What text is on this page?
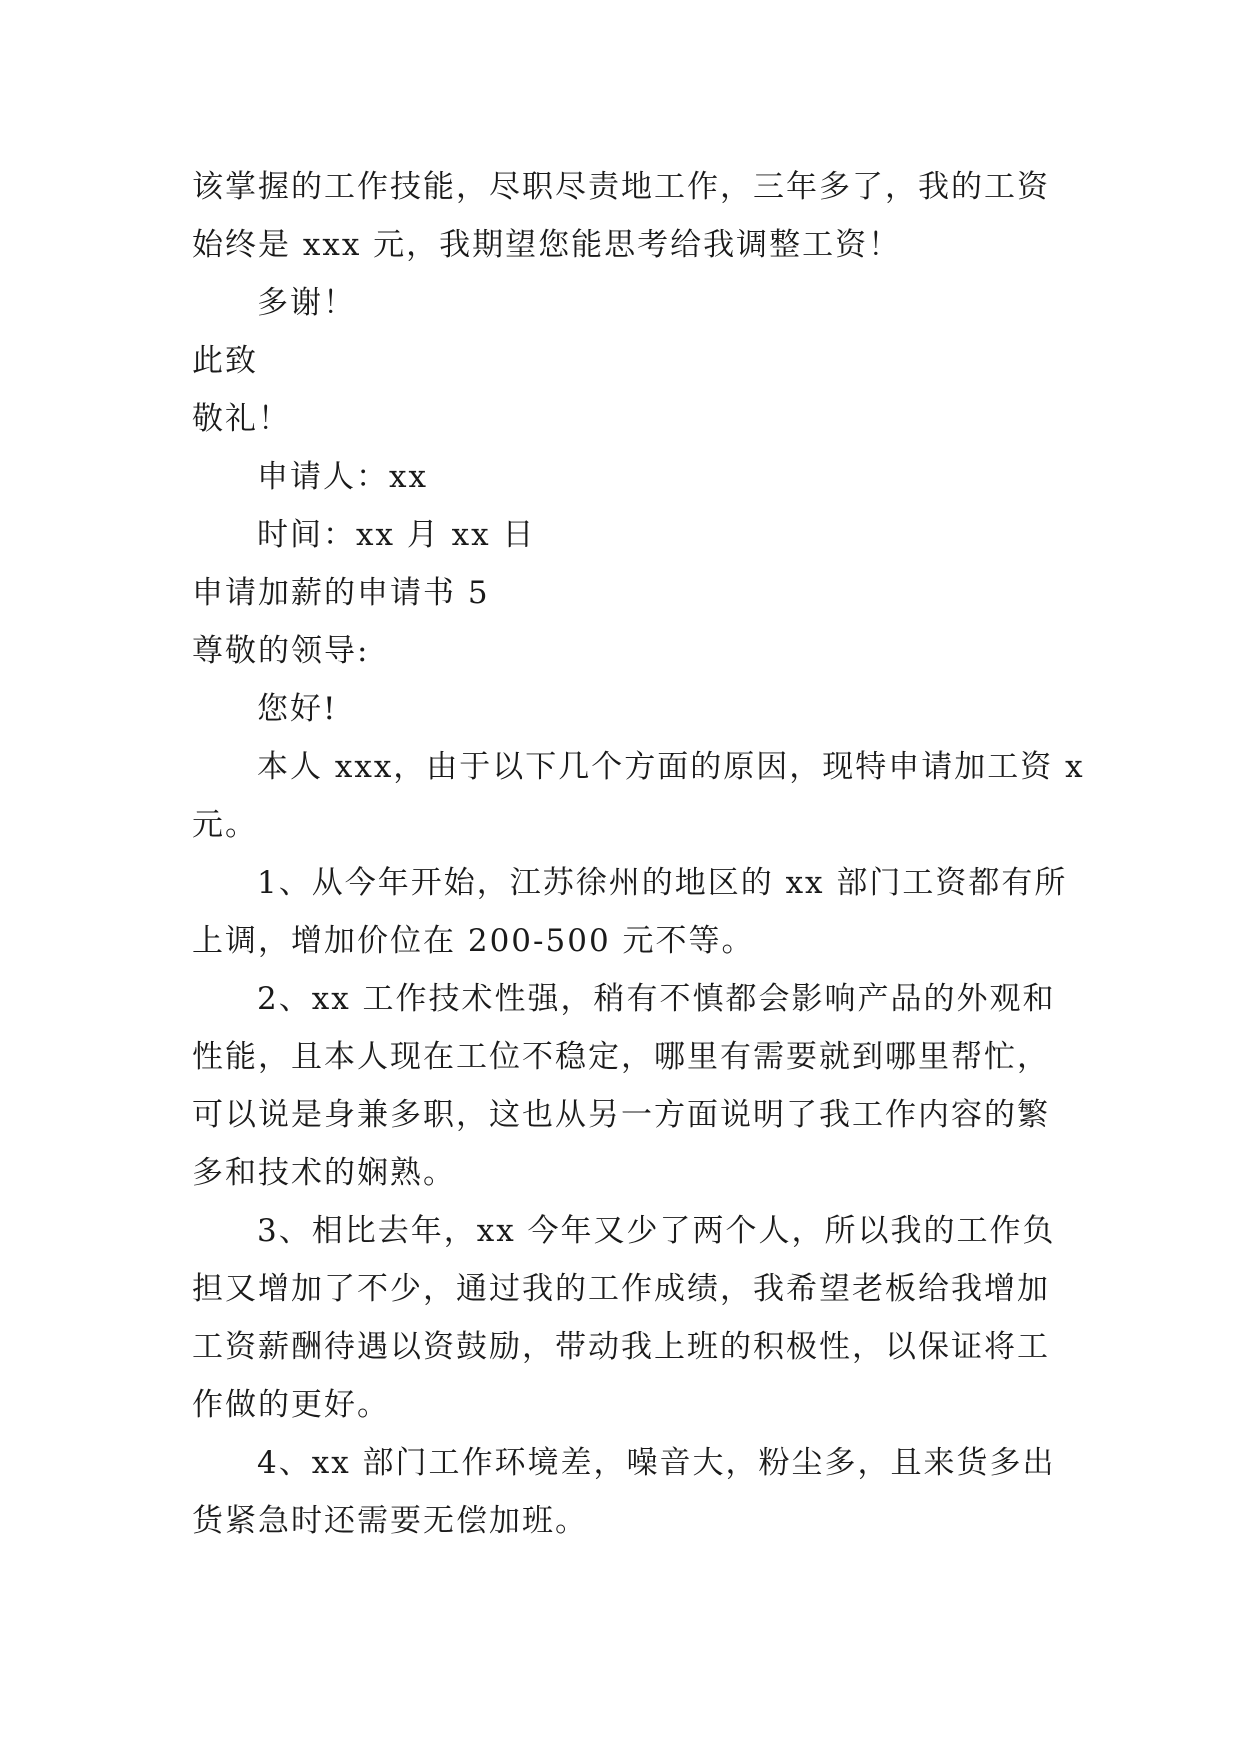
该掌握的工作技能，尽职尽责地工作，三年多了，我的工资
始终是 xxx 元，我期望您能思考给我调整工资！
多谢！
此致
敬礼！
申请人：xx
时间：xx 月 xx 日
申请加薪的申请书 5
尊敬的领导:
您好!
本人 xxx，由于以下几个方面的原因，现特申请加工资 x
元。
1、从今年开始，江苏徐州的地区的 xx 部门工资都有所
上调，增加价位在 200-500 元不等。
2、xx 工作技术性强，稍有不慎都会影响产品的外观和
性能，且本人现在工位不稳定，哪里有需要就到哪里帮忙，
可以说是身兼多职，这也从另一方面说明了我工作内容的繁
多和技术的娴熟。
3、相比去年，xx 今年又少了两个人，所以我的工作负
担又增加了不少，通过我的工作成绩，我希望老板给我增加
工资薪酬待遇以资鼓励，带动我上班的积极性，以保证将工
作做的更好。
4、xx 部门工作环境差，噪音大，粉尘多，且来货多出
货紧急时还需要无偿加班。
